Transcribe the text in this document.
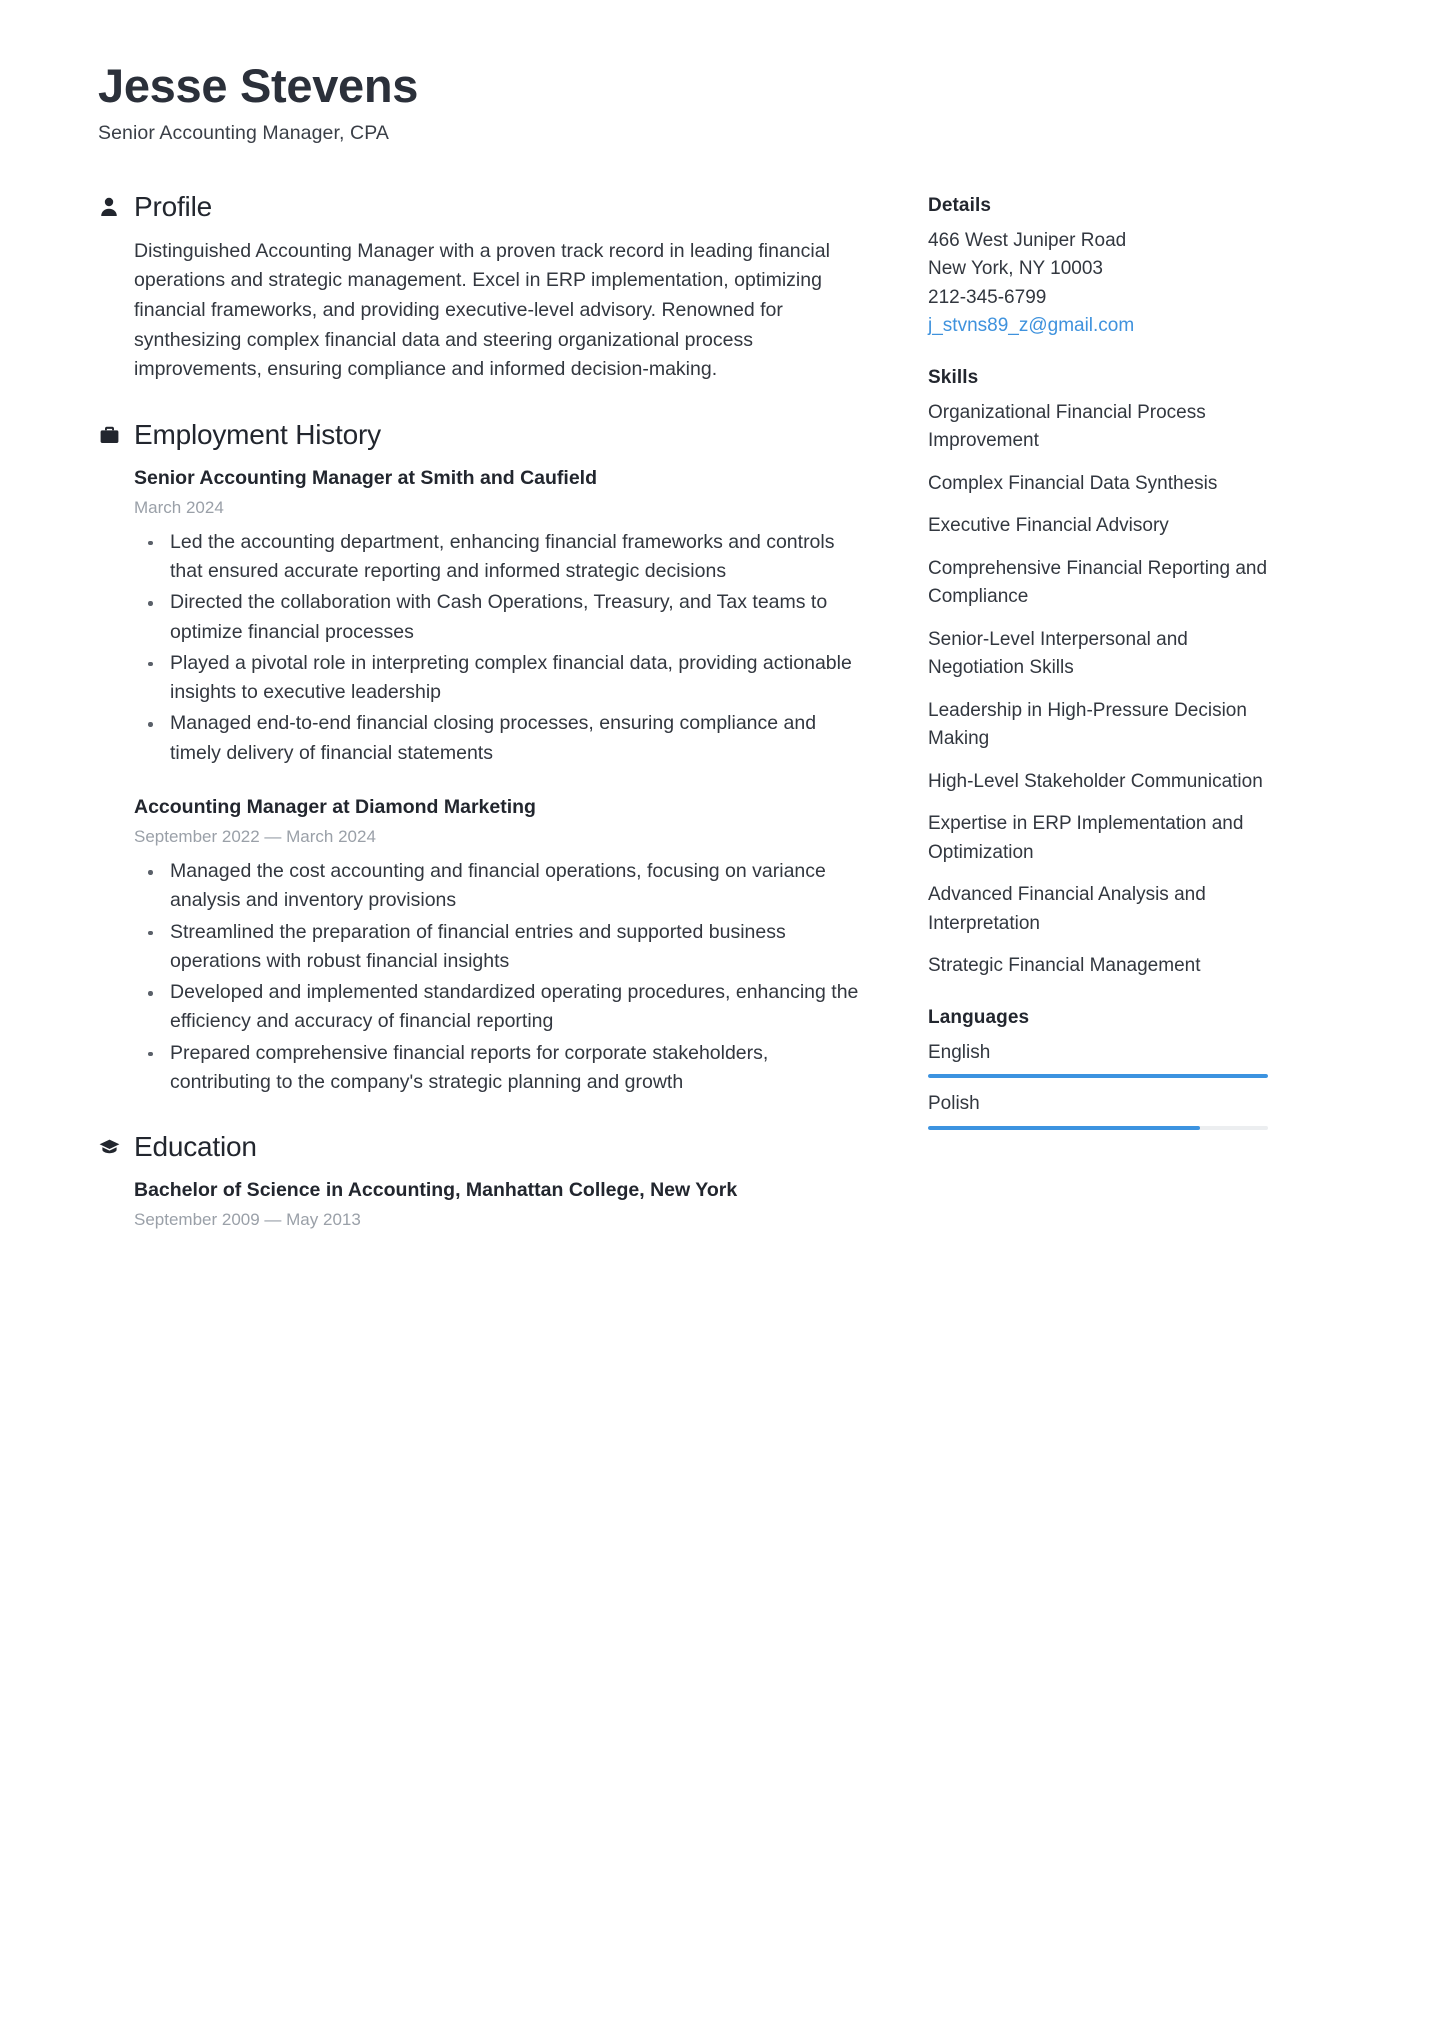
Jesse Stevens
Senior Accounting Manager, CPA
Profile

Distinguished Accounting Manager with a proven track record in leading financial operations and strategic management. Excel in ERP implementation, optimizing financial frameworks, and providing executive-level advisory. Renowned for synthesizing complex financial data and steering organizational process improvements, ensuring compliance and informed decision-making.

Employment History
Senior Accounting Manager at Smith and Caufield
March 2024
Led the accounting department, enhancing financial frameworks and controls that ensured accurate reporting and informed strategic decisions
Directed the collaboration with Cash Operations, Treasury, and Tax teams to optimize financial processes
Played a pivotal role in interpreting complex financial data, providing actionable insights to executive leadership
Managed end-to-end financial closing processes, ensuring compliance and timely delivery of financial statements
Accounting Manager at Diamond Marketing
September 2022 — March 2024
Managed the cost accounting and financial operations, focusing on variance analysis and inventory provisions
Streamlined the preparation of financial entries and supported business operations with robust financial insights
Developed and implemented standardized operating procedures, enhancing the efficiency and accuracy of financial reporting
Prepared comprehensive financial reports for corporate stakeholders, contributing to the company's strategic planning and growth
Education
Bachelor of Science in Accounting, Manhattan College, New York
September 2009 — May 2013
Details
466 West Juniper Road
New York, NY 10003
212-345-6799
j_stvns89_z@gmail.com
Skills
Organizational Financial Process Improvement
Complex Financial Data Synthesis
Executive Financial Advisory
Comprehensive Financial Reporting and Compliance
Senior-Level Interpersonal and Negotiation Skills
Leadership in High-Pressure Decision Making
High-Level Stakeholder Communication
Expertise in ERP Implementation and Optimization
Advanced Financial Analysis and Interpretation
Strategic Financial Management
Languages
English
Polish
